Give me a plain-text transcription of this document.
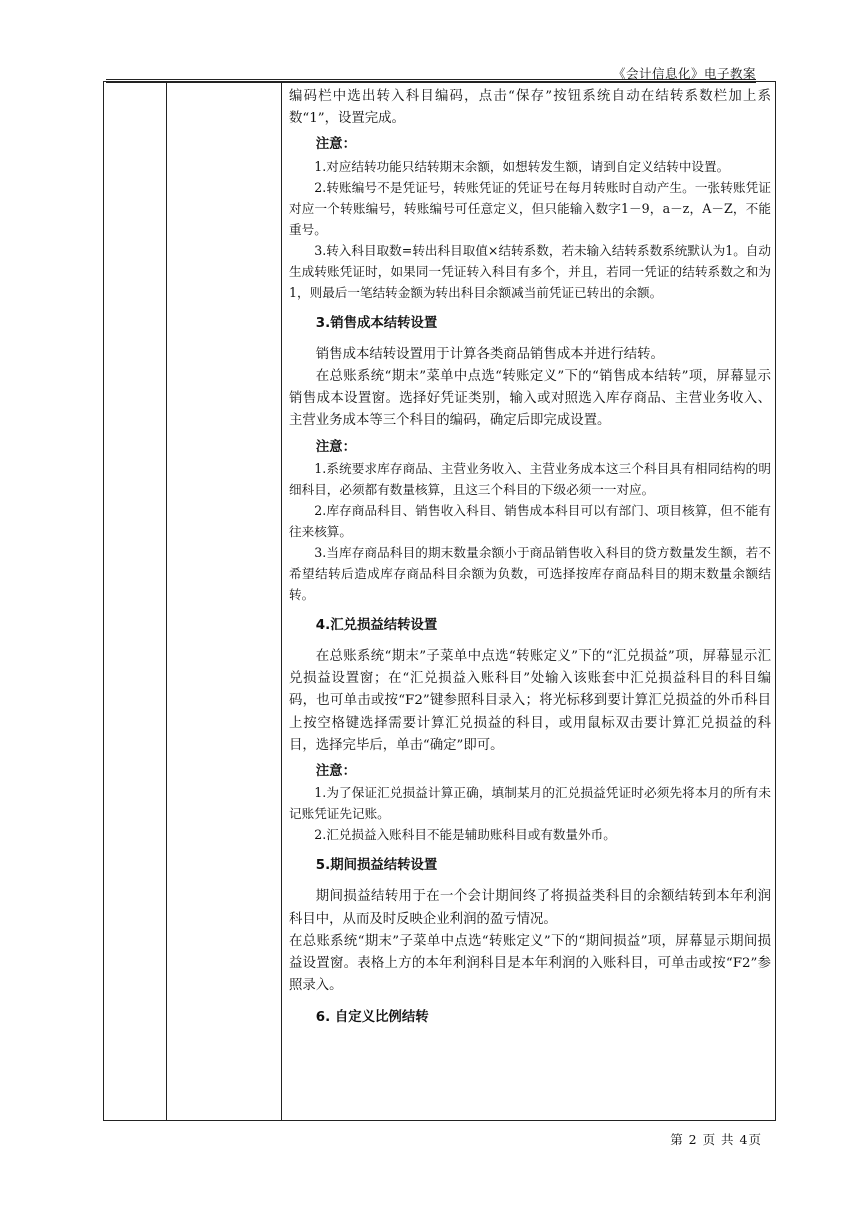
《会计信息化》电子教案

编码栏中选出转入科目编码，点击“保存”按钮系统自动在结转系数栏加上系数“1”，设置完成。

注意：

1.对应结转功能只结转期末余额，如想转发生额，请到自定义结转中设置。

2.转账编号不是凭证号，转账凭证的凭证号在每月转账时自动产生。一张转账凭证对应一个转账编号，转账编号可任意定义，但只能输入数字1－9，a－z，A－Z，不能重号。

3.转入科目取数=转出科目取值×结转系数，若未输入结转系数系统默认为1。自动生成转账凭证时，如果同一凭证转入科目有多个，并且，若同一凭证的结转系数之和为1，则最后一笔结转金额为转出科目余额减当前凭证已转出的余额。

3.销售成本结转设置

销售成本结转设置用于计算各类商品销售成本并进行结转。

在总账系统“期末”菜单中点选“转账定义”下的“销售成本结转”项，屏幕显示销售成本设置窗。选择好凭证类别，输入或对照选入库存商品、主营业务收入、主营业务成本等三个科目的编码，确定后即完成设置。

注意：

1.系统要求库存商品、主营业务收入、主营业务成本这三个科目具有相同结构的明细科目，必须都有数量核算，且这三个科目的下级必须一一对应。

2.库存商品科目、销售收入科目、销售成本科目可以有部门、项目核算，但不能有往来核算。

3.当库存商品科目的期末数量余额小于商品销售收入科目的贷方数量发生额，若不希望结转后造成库存商品科目余额为负数，可选择按库存商品科目的期末数量余额结转。

4.汇兑损益结转设置

在总账系统“期末”子菜单中点选“转账定义”下的“汇兑损益”项，屏幕显示汇兑损益设置窗；在“汇兑损益入账科目”处输入该账套中汇兑损益科目的科目编码，也可单击或按“F2”键参照科目录入；将光标移到要计算汇兑损益的外币科目上按空格键选择需要计算汇兑损益的科目，或用鼠标双击要计算汇兑损益的科目，选择完毕后，单击“确定”即可。

注意：

1.为了保证汇兑损益计算正确，填制某月的汇兑损益凭证时必须先将本月的所有未记账凭证先记账。

2.汇兑损益入账科目不能是辅助账科目或有数量外币。

5.期间损益结转设置

期间损益结转用于在一个会计期间终了将损益类科目的余额结转到本年利润科目中，从而及时反映企业利润的盈亏情况。

在总账系统“期末”子菜单中点选“转账定义”下的“期间损益”项，屏幕显示期间损益设置窗。表格上方的本年利润科目是本年利润的入账科目，可单击或按“F2”参照录入。

6. 自定义比例结转

第 2 页 共 4页
